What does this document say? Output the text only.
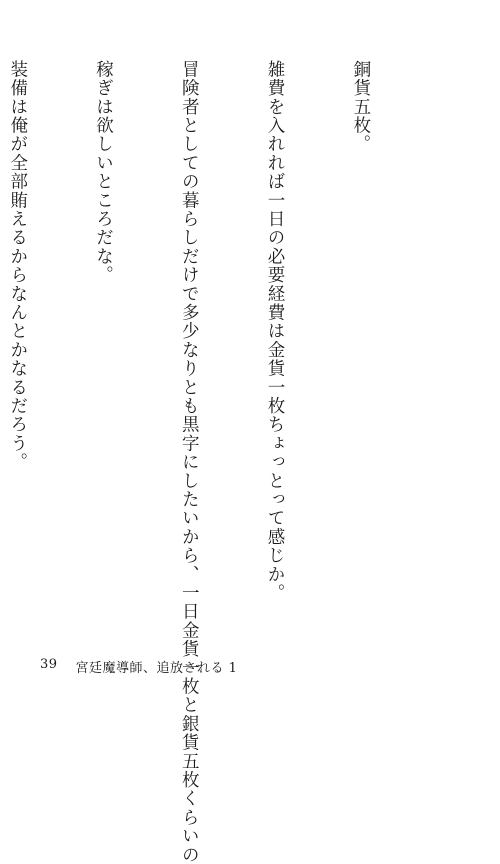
銅貨五枚。

雑費を入れれば一日の必要経費は金貨一枚ちょっとって感じか。

冒険者としての暮らしだけで多少なりとも黒字にしたいから、一日金貨一枚と銀貨五枚くらいの

稼ぎは欲しいところだな。

装備は俺が全部賄えるからなんとかなるだろう。

39 宮廷魔導師、追放される 1
